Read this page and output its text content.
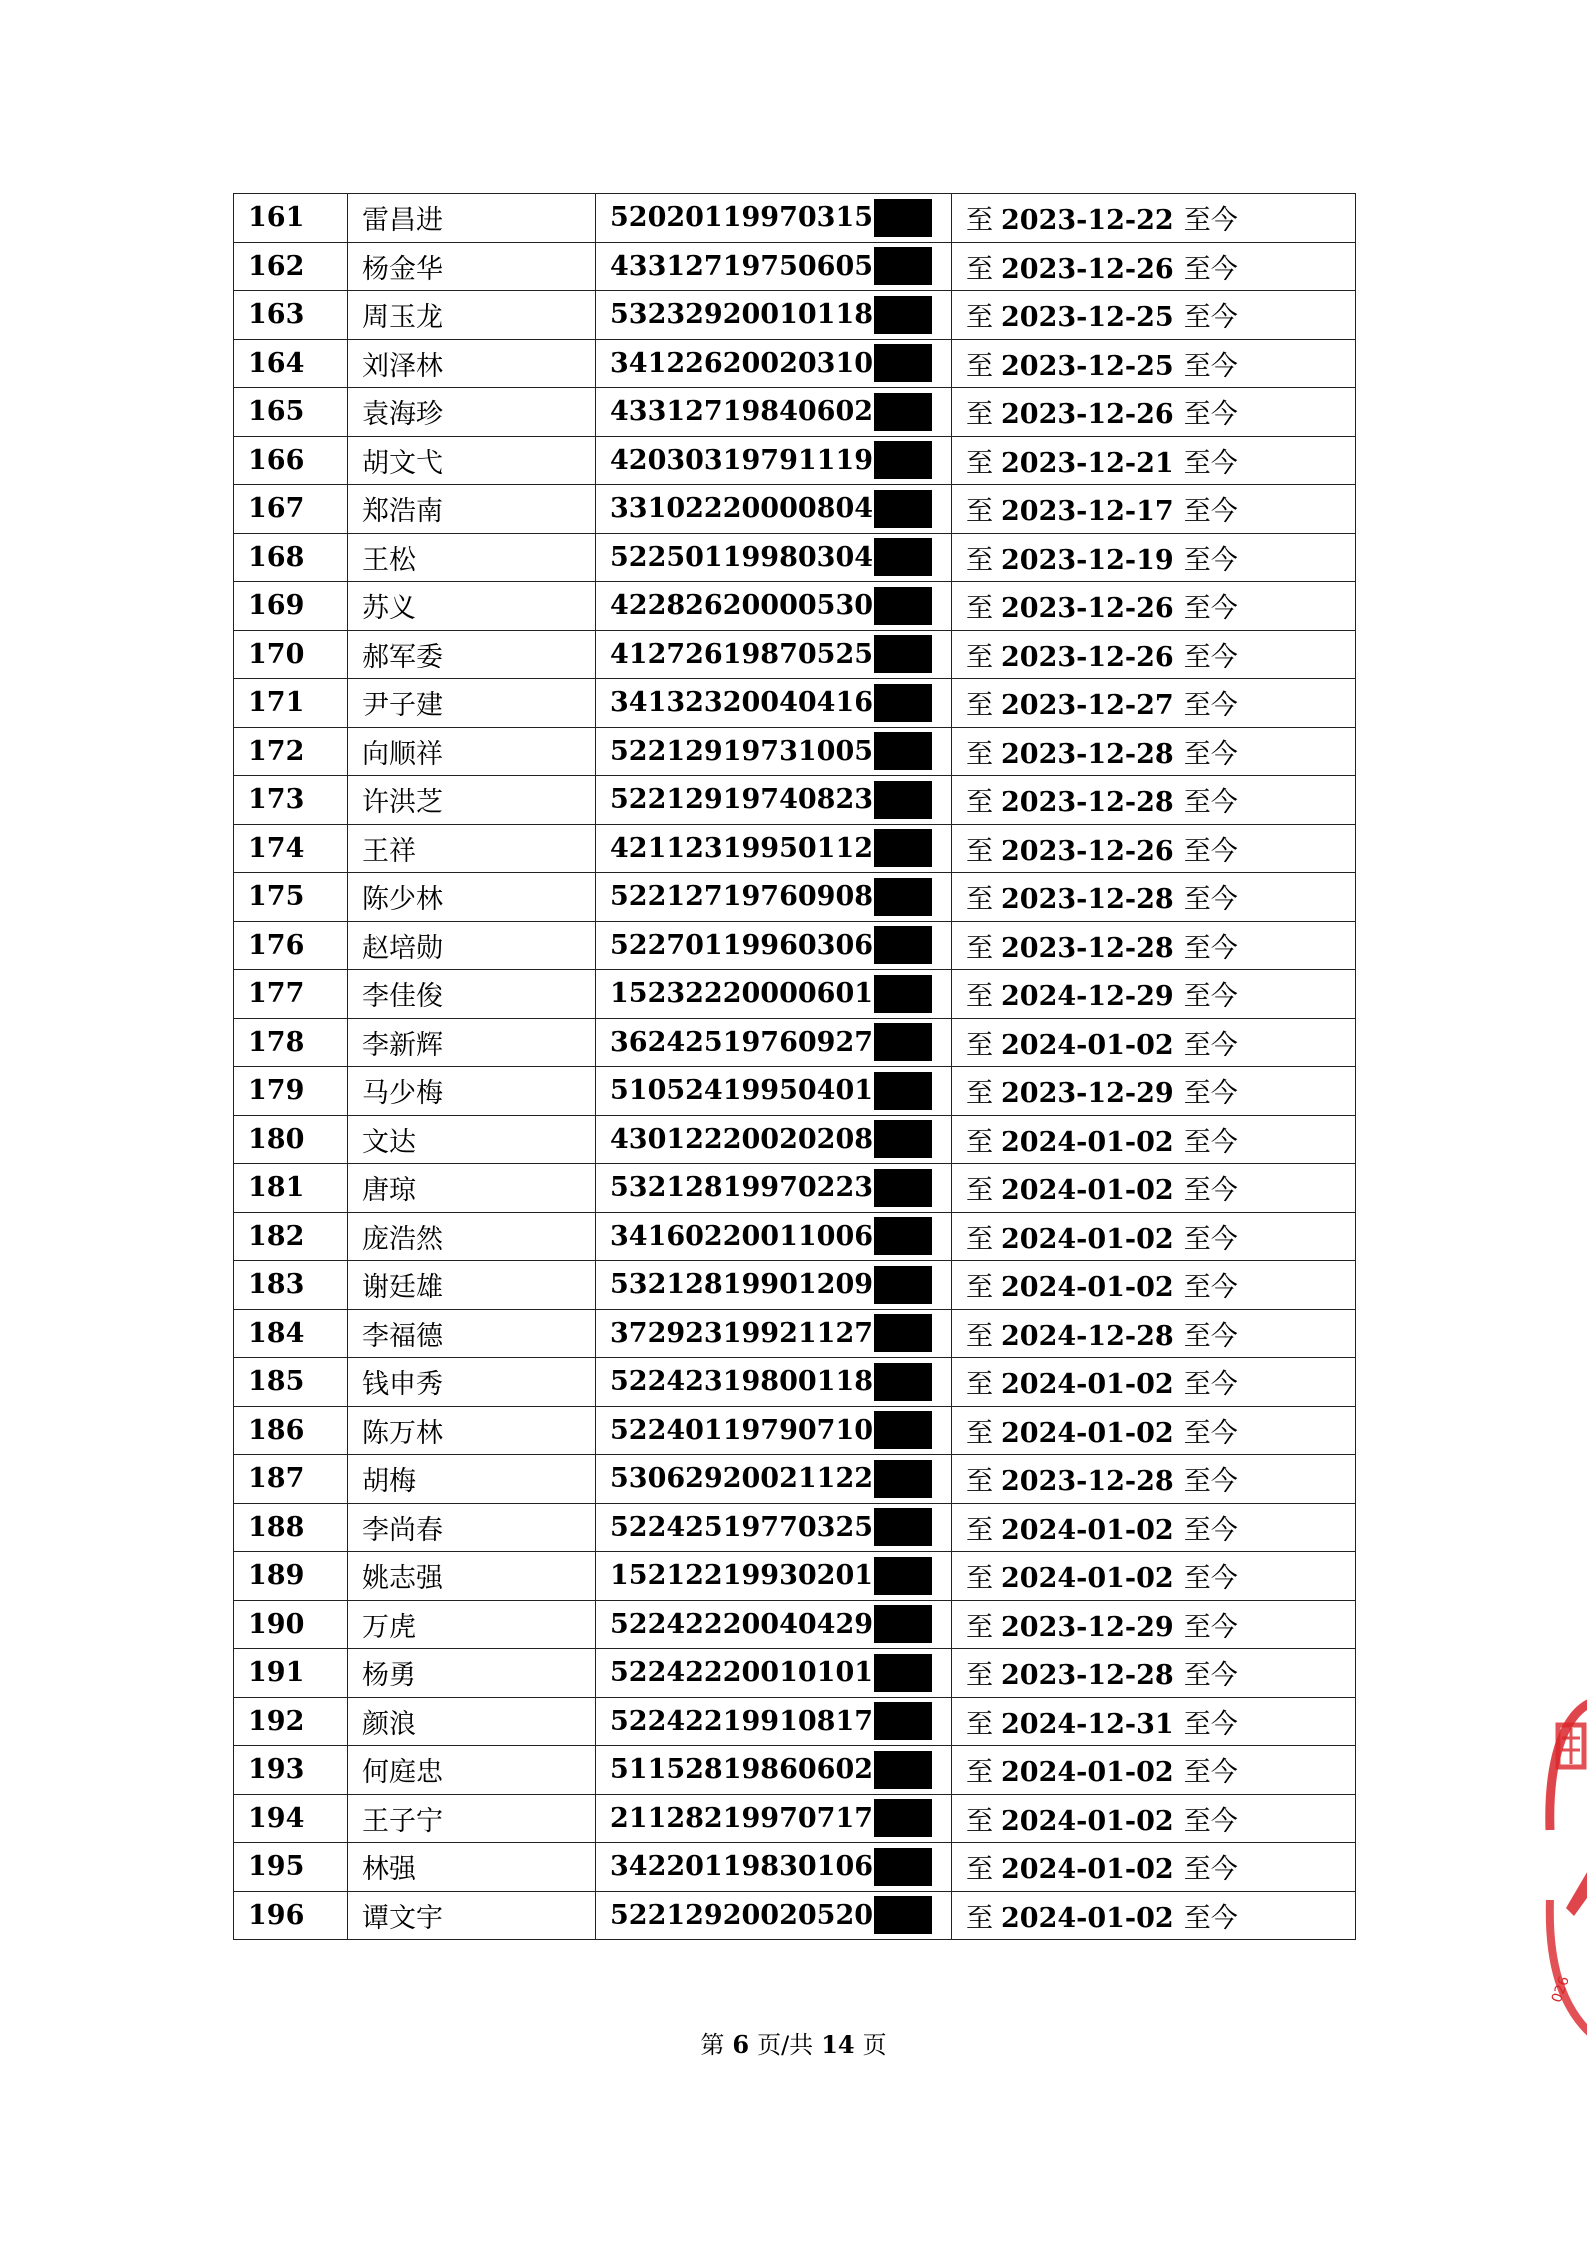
161	雷昌进	52020119970315	至 2023-12-22 至今
162	杨金华	43312719750605	至 2023-12-26 至今
163	周玉龙	53232920010118	至 2023-12-25 至今
164	刘泽林	34122620020310	至 2023-12-25 至今
165	袁海珍	43312719840602	至 2023-12-26 至今
166	胡文弋	42030319791119	至 2023-12-21 至今
167	郑浩南	33102220000804	至 2023-12-17 至今
168	王松	52250119980304	至 2023-12-19 至今
169	苏义	42282620000530	至 2023-12-26 至今
170	郝军委	41272619870525	至 2023-12-26 至今
171	尹子建	34132320040416	至 2023-12-27 至今
172	向顺祥	52212919731005	至 2023-12-28 至今
173	许洪芝	52212919740823	至 2023-12-28 至今
174	王祥	42112319950112	至 2023-12-26 至今
175	陈少林	52212719760908	至 2023-12-28 至今
176	赵培勋	52270119960306	至 2023-12-28 至今
177	李佳俊	15232220000601	至 2024-12-29 至今
178	李新辉	36242519760927	至 2024-01-02 至今
179	马少梅	51052419950401	至 2023-12-29 至今
180	文达	43012220020208	至 2024-01-02 至今
181	唐琼	53212819970223	至 2024-01-02 至今
182	庞浩然	34160220011006	至 2024-01-02 至今
183	谢廷雄	53212819901209	至 2024-01-02 至今
184	李福德	37292319921127	至 2024-12-28 至今
185	钱申秀	52242319800118	至 2024-01-02 至今
186	陈万林	52240119790710	至 2024-01-02 至今
187	胡梅	53062920021122	至 2023-12-28 至今
188	李尚春	52242519770325	至 2024-01-02 至今
189	姚志强	15212219930201	至 2024-01-02 至今
190	万虎	52242220040429	至 2023-12-29 至今
191	杨勇	52242220010101	至 2023-12-28 至今
192	颜浪	52242219910817	至 2024-12-31 至今
193	何庭忠	51152819860602	至 2024-01-02 至今
194	王子宁	21128219970717	至 2024-01-02 至今
195	林强	34220119830106	至 2024-01-02 至今
196	谭文宇	52212920020520	至 2024-01-02 至今
第 6 页/共 14 页
026
